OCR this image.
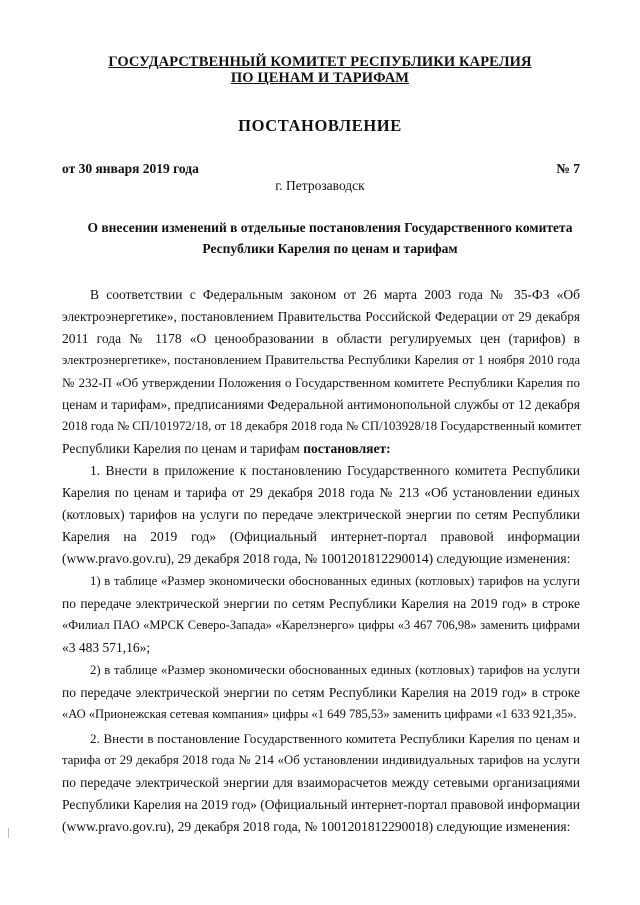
ГОСУДАРСТВЕННЫЙ КОМИТЕТ РЕСПУБЛИКИ КАРЕЛИЯ
ПО ЦЕНАМ И ТАРИФАМ
ПОСТАНОВЛЕНИЕ
от 30 января 2019 года	№ 7
г. Петрозаводск
О внесении изменений в отдельные постановления Государственного комитета
Республики Карелия по ценам и тарифам
В соответствии с Федеральным законом от 26 марта 2003 года № 35-ФЗ «Об
электроэнергетике», постановлением Правительства Российской Федерации от 29 декабря
2011 года № 1178 «О ценообразовании в области регулируемых цен (тарифов) в
электроэнергетике», постановлением Правительства Республики Карелия от 1 ноября 2010 года
№ 232-П «Об утверждении Положения о Государственном комитете Республики Карелия по
ценам и тарифам», предписаниями Федеральной антимонопольной службы от 12 декабря
2018 года № СП/101972/18, от 18 декабря 2018 года № СП/103928/18 Государственный комитет
Республики Карелия по ценам и тарифам постановляет:
1. Внести в приложение к постановлению Государственного комитета Республики
Карелия по ценам и тарифа от 29 декабря 2018 года № 213 «Об установлении единых
(котловых) тарифов на услуги по передаче электрической энергии по сетям Республики
Карелия на 2019 год» (Официальный интернет-портал правовой информации
(www.pravo.gov.ru), 29 декабря 2018 года, № 1001201812290014) следующие изменения:
1) в таблице «Размер экономически обоснованных единых (котловых) тарифов на услуги
по передаче электрической энергии по сетям Республики Карелия на 2019 год» в строке
«Филиал ПАО «МРСК Северо-Запада» «Карелэнерго» цифры «3 467 706,98» заменить цифрами
«3 483 571,16»;
2) в таблице «Размер экономически обоснованных единых (котловых) тарифов на услуги
по передаче электрической энергии по сетям Республики Карелия на 2019 год» в строке
«АО «Прионежская сетевая компания» цифры «1 649 785,53» заменить цифрами «1 633 921,35».
2. Внести в постановление Государственного комитета Республики Карелия по ценам и
тарифа от 29 декабря 2018 года № 214 «Об установлении индивидуальных тарифов на услуги
по передаче электрической энергии для взаиморасчетов между сетевыми организациями
Республики Карелия на 2019 год» (Официальный интернет-портал правовой информации
(www.pravo.gov.ru), 29 декабря 2018 года, № 1001201812290018) следующие изменения:
